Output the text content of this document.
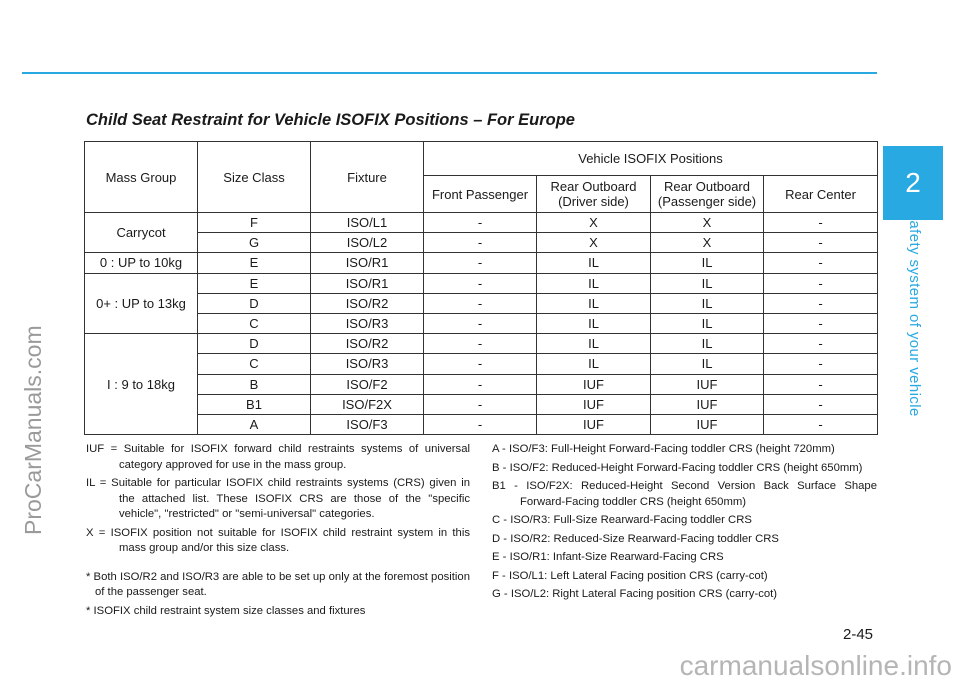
2
Safety system of your vehicle
ProCarManuals.com
carmanualsonline.info
Child Seat Restraint for Vehicle ISOFIX Positions – For Europe
Mass Group	Size Class	Fixture	Vehicle ISOFIX Positions			
			Front Passenger	Rear Outboard (Driver side)	Rear Outboard (Passenger side)	Rear Center
Carrycot	F	ISO/L1	-	X	X	-
	G	ISO/L2	-	X	X	-
0 : UP to 10kg	E	ISO/R1	-	IL	IL	-
0+ : UP to 13kg	E	ISO/R1	-	IL	IL	-
	D	ISO/R2	-	IL	IL	-
	C	ISO/R3	-	IL	IL	-
I : 9 to 18kg	D	ISO/R2	-	IL	IL	-
	C	ISO/R3	-	IL	IL	-
	B	ISO/F2	-	IUF	IUF	-
	B1	ISO/F2X	-	IUF	IUF	-
	A	ISO/F3	-	IUF	IUF	-

IUF = Suitable for ISOFIX forward child restraints systems of universal category approved for use in the mass group.

IL = Suitable for particular ISOFIX child restraints systems (CRS) given in the attached list. These ISOFIX CRS are those of the "specific vehicle", "restricted" or "semi-universal" categories.

X = ISOFIX position not suitable for ISOFIX child restraint system in this mass group and/or this size class.

* Both ISO/R2 and ISO/R3 are able to be set up only at the foremost position of the passenger seat.

* ISOFIX child restraint system size classes and fixtures

A - ISO/F3: Full-Height Forward-Facing toddler CRS (height 720mm)

B - ISO/F2: Reduced-Height Forward-Facing toddler CRS (height 650mm)

B1 - ISO/F2X: Reduced-Height Second Version Back Surface Shape Forward-Facing toddler CRS (height 650mm)

C - ISO/R3: Full-Size Rearward-Facing toddler CRS

D - ISO/R2: Reduced-Size Rearward-Facing toddler CRS

E - ISO/R1: Infant-Size Rearward-Facing CRS

F - ISO/L1: Left Lateral Facing position CRS (carry-cot)

G - ISO/L2: Right Lateral Facing position CRS (carry-cot)

2-45
